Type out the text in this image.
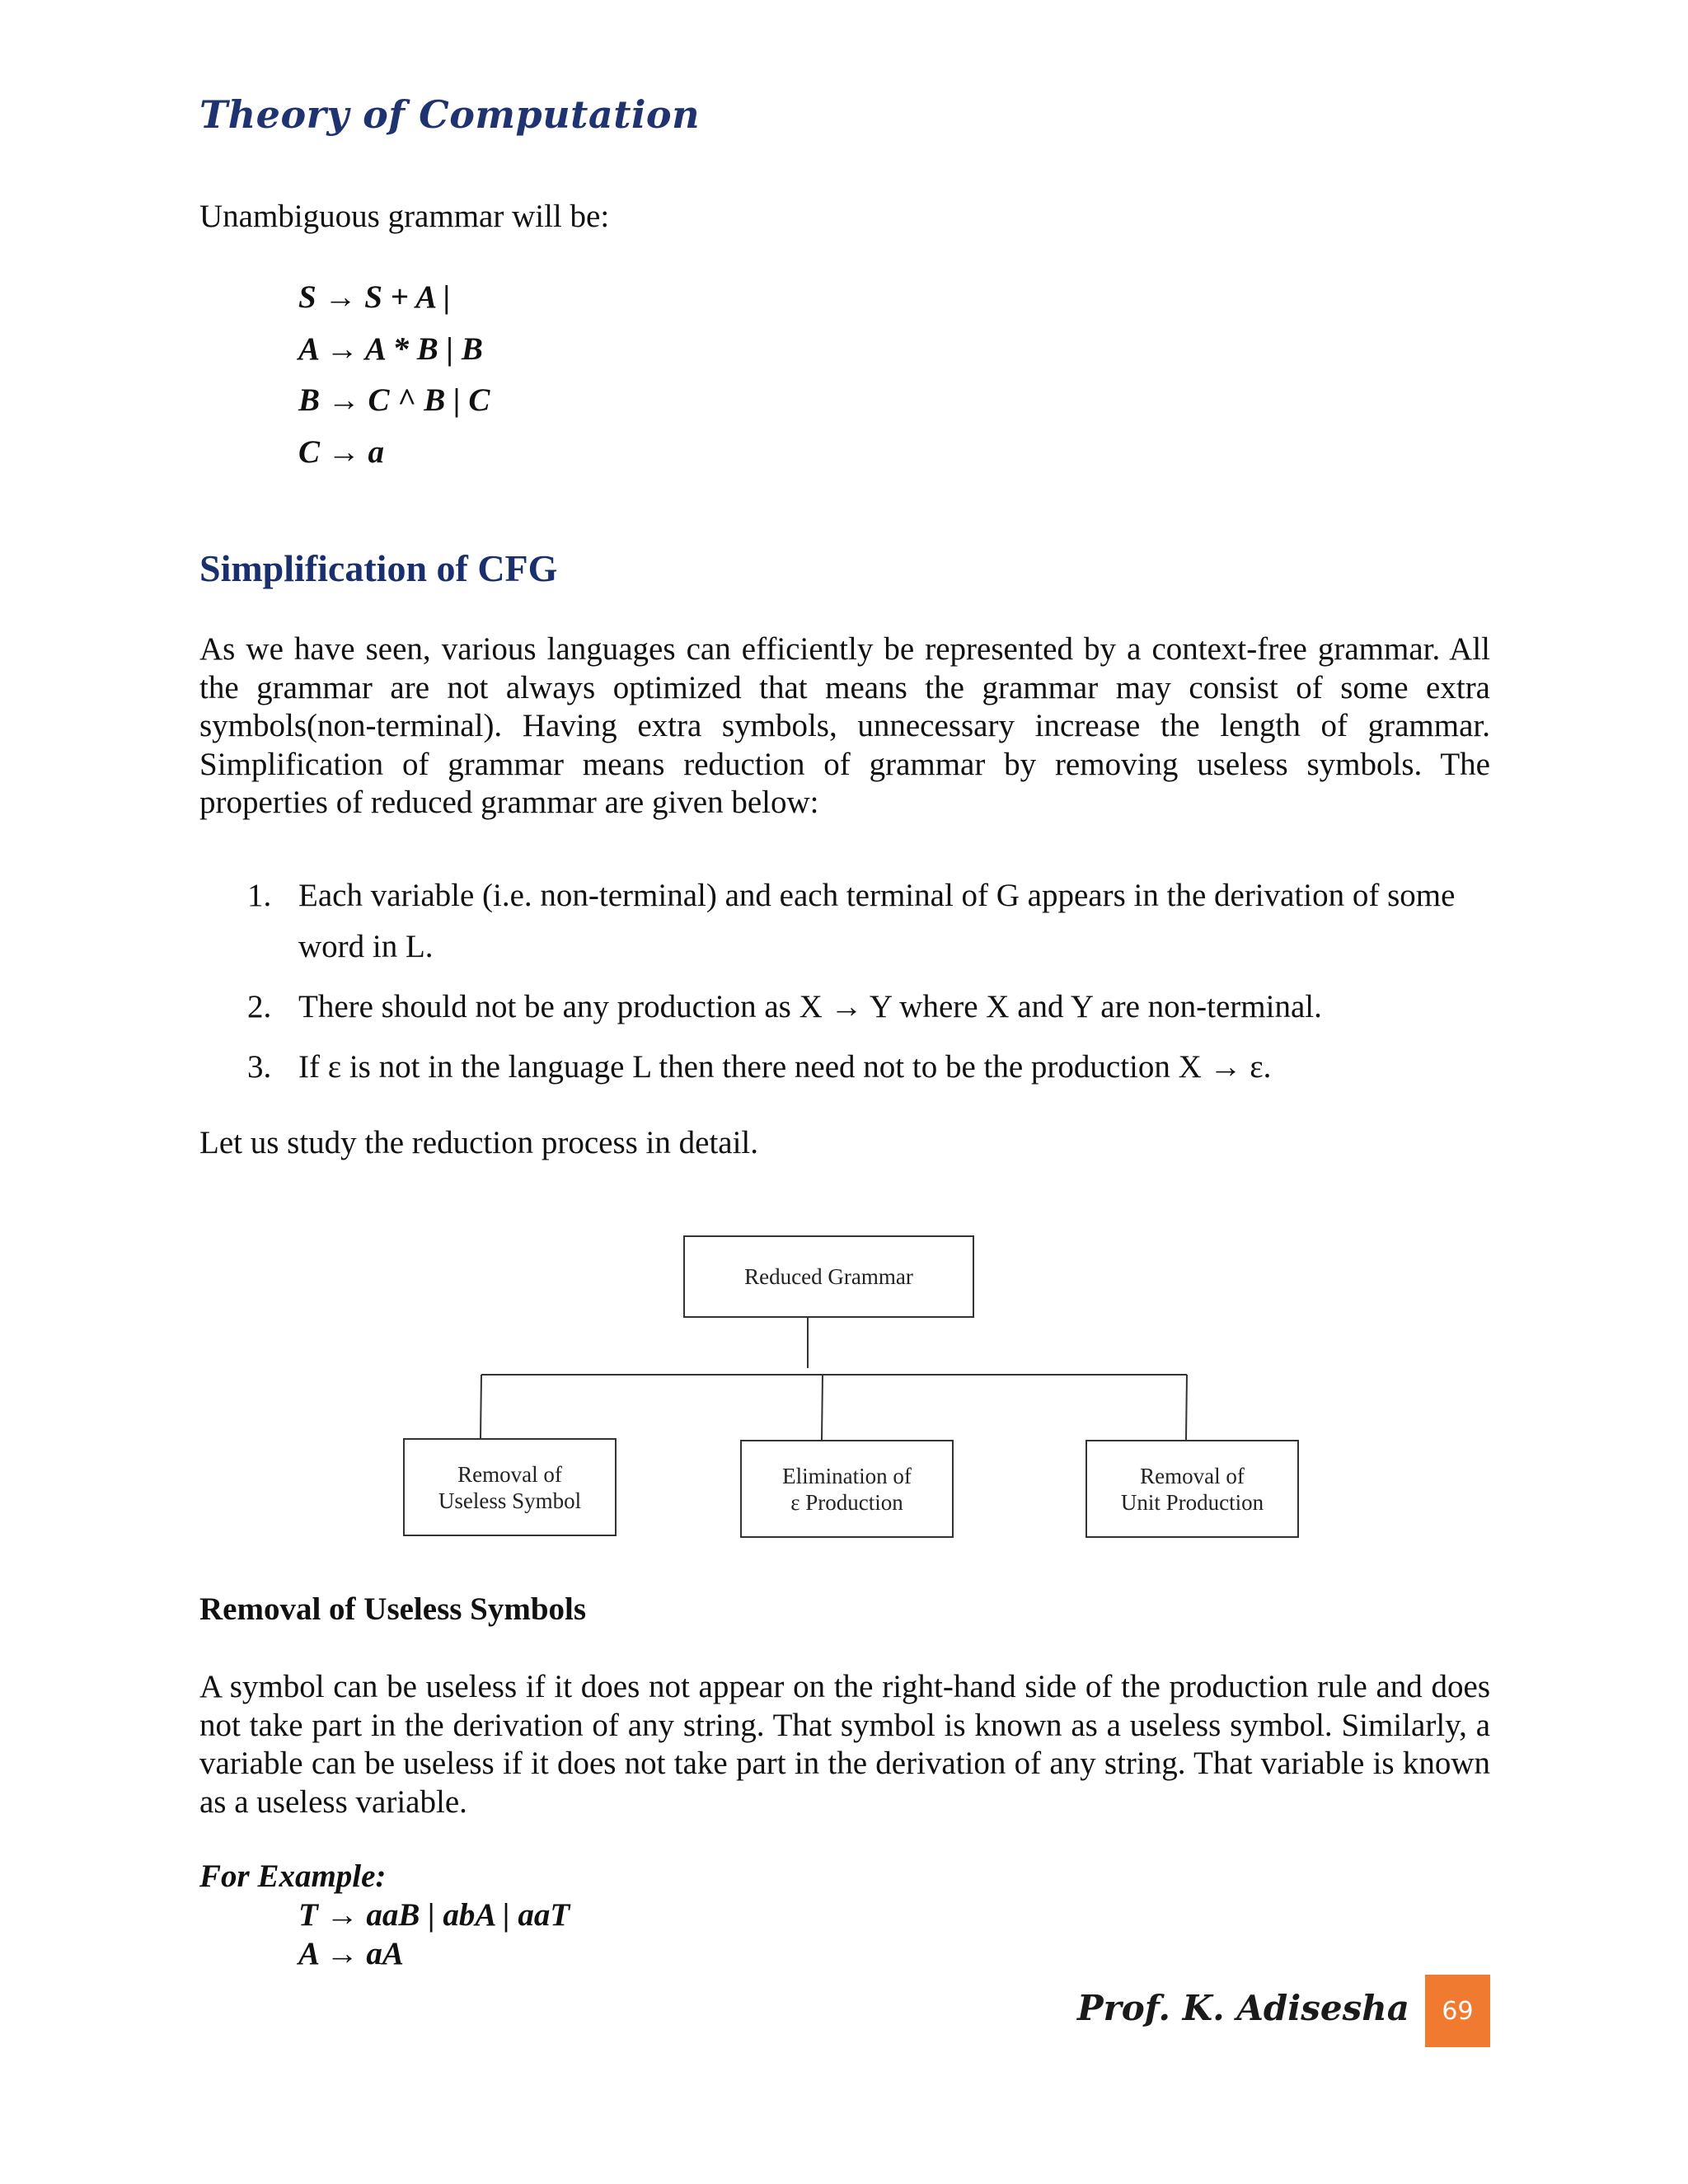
Theory of Computation

Unambiguous grammar will be:

S → S + A |
A → A * B | B
B → C ^ B | C
C → a
Simplification of CFG

As we have seen, various languages can efficiently be represented by a context-free grammar. All the grammar are not always optimized that means the grammar may consist of some extra symbols(non-terminal). Having extra symbols, unnecessary increase the length of grammar. Simplification of grammar means reduction of grammar by removing useless symbols. The properties of reduced grammar are given below:

1. Each variable (i.e. non-terminal) and each terminal of G appears in the derivation of some word in L.
2. There should not be any production as X → Y where X and Y are non-terminal.
3. If ε is not in the language L then there need not to be the production X → ε.

Let us study the reduction process in detail.

Reduced Grammar
Removal of
Useless Symbol
Elimination of
ε Production
Removal of
Unit Production
Removal of Useless Symbols

A symbol can be useless if it does not appear on the right-hand side of the production rule and does not take part in the derivation of any string. That symbol is known as a useless symbol. Similarly, a variable can be useless if it does not take part in the derivation of any string. That variable is known as a useless variable.

For Example:
T → aaB | abA | aaT
A → aA
Prof. K. Adisesha	69
